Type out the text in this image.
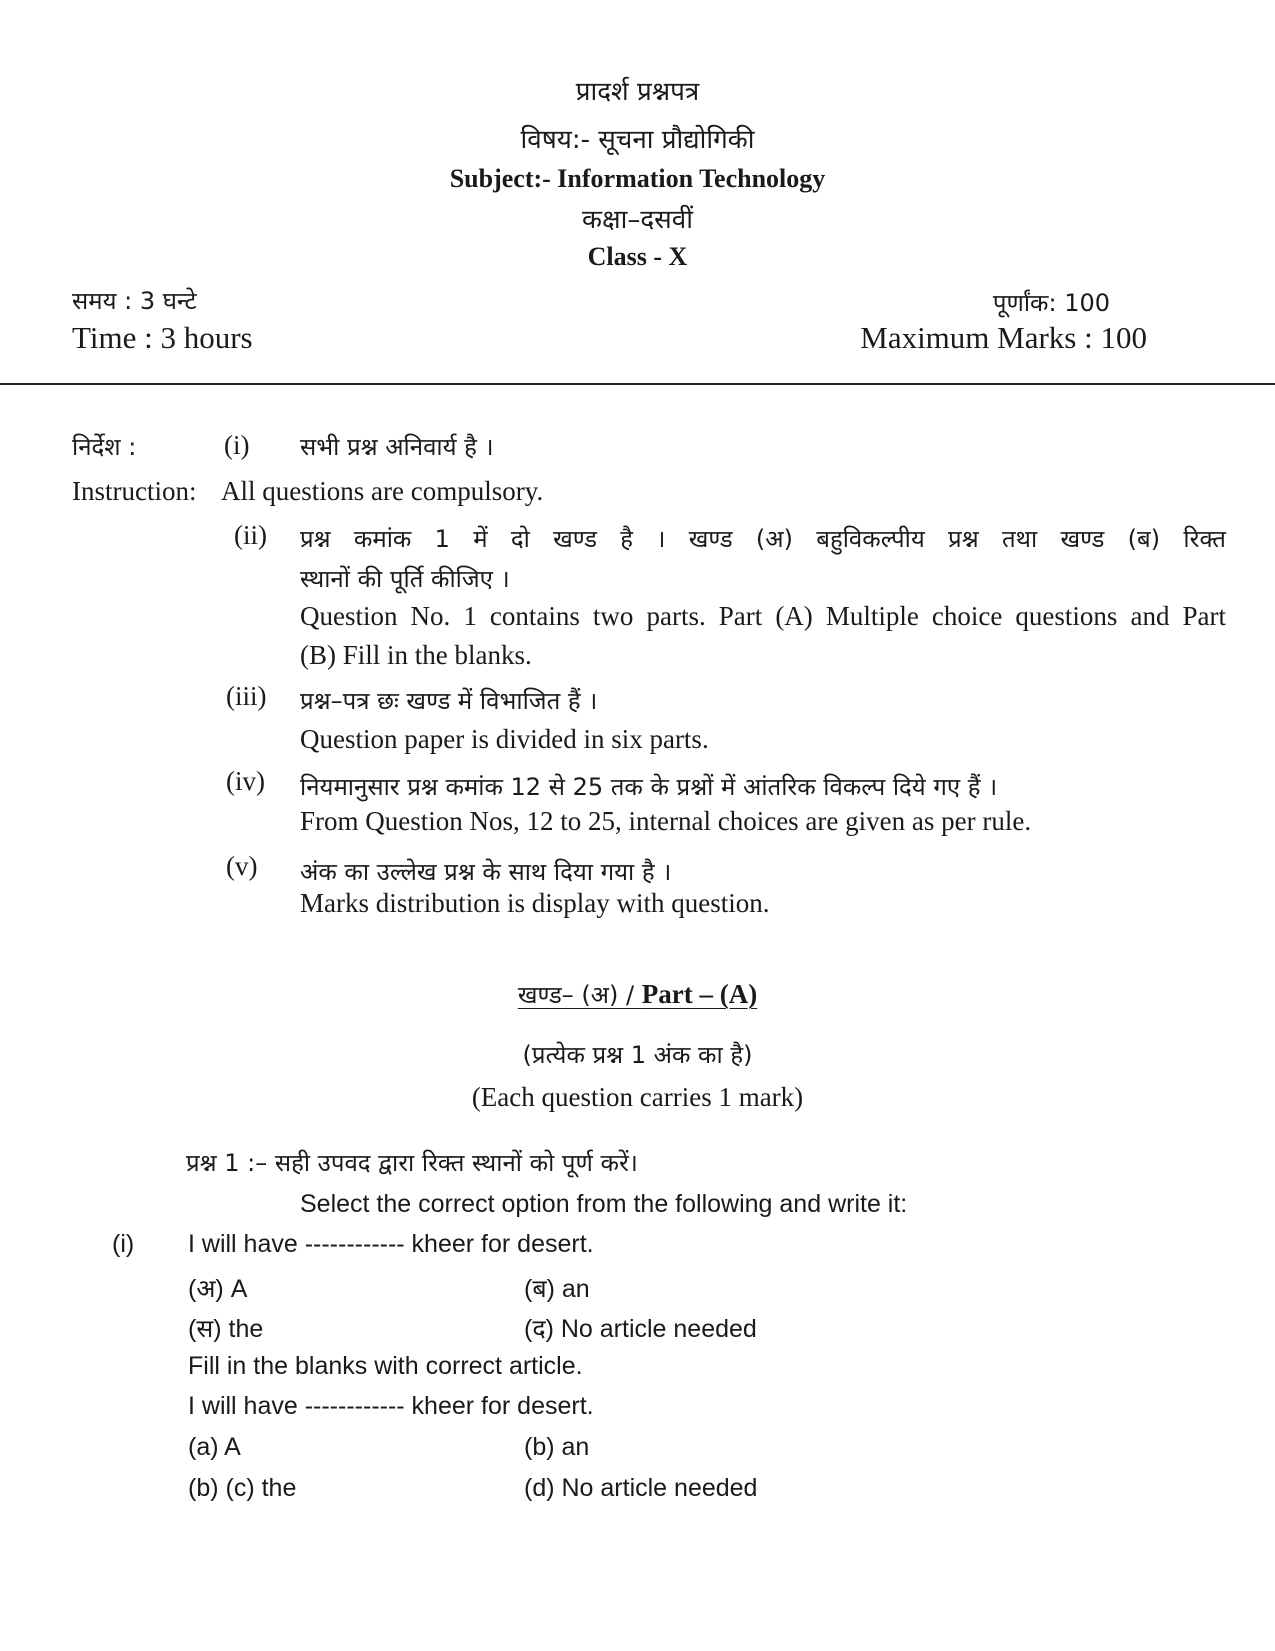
प्रादर्श प्रश्नपत्र
विषय:- सूचना प्रौद्योगिकी
Subject:- Information Technology
कक्षा–दसवीं
Class - X
समय : 3 घन्टे
Time : 3 hours
पूर्णांक: 100
Maximum Marks : 100
निर्देश :	(i) सभी प्रश्न अनिवार्य है ।
Instruction: All questions are compulsory.
(ii) प्रश्न कमांक 1 में दो खण्ड है । खण्ड (अ) बहुविकल्पीय प्रश्न तथा खण्ड (ब) रिक्त
स्थानों की पूर्ति कीजिए ।
Question No. 1 contains two parts. Part (A) Multiple choice questions and Part
(B) Fill in the blanks.
(iii) प्रश्न–पत्र छः खण्ड में विभाजित हैं ।
Question paper is divided in six parts.
(iv) नियमानुसार प्रश्न कमांक 12 से 25 तक के प्रश्नों में आंतरिक विकल्प दिये गए हैं ।
From Question Nos, 12 to 25, internal choices are given as per rule.
(v) अंक का उल्लेख प्रश्न के साथ दिया गया है ।
Marks distribution is display with question.
खण्ड– (अ) / Part – (A)
(प्रत्येक प्रश्न 1 अंक का है)
(Each question carries 1 mark)
प्रश्न 1 :– सही उपवद द्वारा रिक्त स्थानों को पूर्ण करें।
Select the correct option from the following and write it:
(i) I will have ------------ kheer for desert.
(अ) A	(ब) an
(स) the	(द) No article needed
Fill in the blanks with correct article.
I will have ------------ kheer for desert.
(a) A	(b) an
(b) (c) the	(d) No article needed
